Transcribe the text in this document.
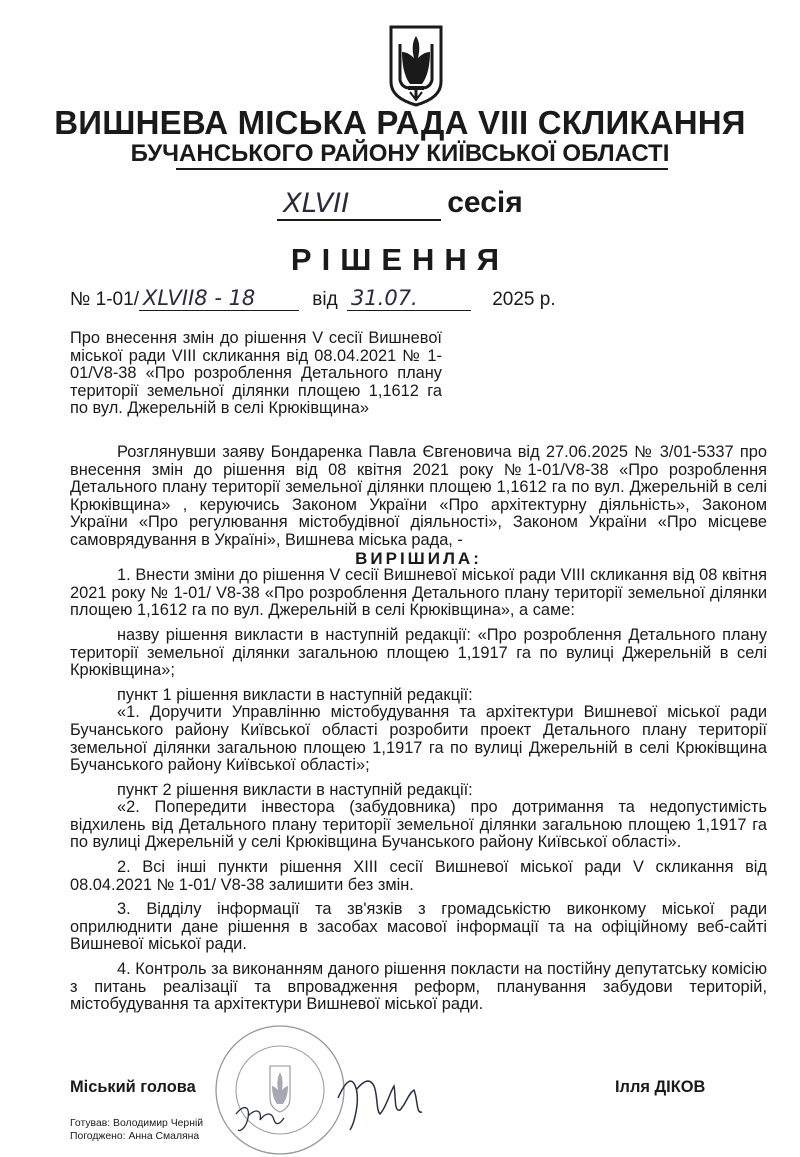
ВИШНЕВА МІСЬКА РАДА VIII СКЛИКАННЯ
БУЧАНСЬКОГО РАЙОНУ КИЇВСЬКОЇ ОБЛАСТІ
XLVII	сесія
РІШЕННЯ
№ 1-01/ XLVII8 - 18	від 31.07.	2025 р.

Про внесення змін до рішення V сесії Вишневої міської ради VIII скликання від 08.04.2021 № 1-01/V8-38 «Про розроблення Детального плану території земельної ділянки площею 1,1612 га по вул. Джерельній в селі Крюківщина»

Розглянувши заяву Бондаренка Павла Євгеновича від 27.06.2025 № 3/01-5337 про внесення змін до рішення від 08 квітня 2021 року №1-01/V8-38 «Про розроблення Детального плану території земельної ділянки площею 1,1612 га по вул. Джерельній в селі Крюківщина» , керуючись Законом України «Про архітектурну діяльність», Законом України «Про регулювання містобудівної діяльності», Законом України «Про місцеве самоврядування в Україні», Вишнева міська рада, -

ВИРІШИЛА:

1. Внести зміни до рішення V сесії Вишневої міської ради VIII скликання від 08 квітня 2021 року № 1-01/ V8-38 «Про розроблення Детального плану території земельної ділянки площею 1,1612 га по вул. Джерельній в селі Крюківщина», а саме:

назву рішення викласти в наступній редакції: «Про розроблення Детального плану території земельної ділянки загальною площею 1,1917 га по вулиці Джерельній в селі Крюківщина»;

пункт 1 рішення викласти в наступній редакції:

«1. Доручити Управлінню містобудування та архітектури Вишневої міської ради Бучанського району Київської області розробити проект Детального плану території земельної ділянки загальною площею 1,1917 га по вулиці Джерельній в селі Крюківщина Бучанського району Київської області»;

пункт 2 рішення викласти в наступній редакції:

«2. Попередити інвестора (забудовника) про дотримання та недопустимість відхилень від Детального плану території земельної ділянки загальною площею 1,1917 га по вулиці Джерельній у селі Крюківщина Бучанського району Київської області».

2. Всі інші пункти рішення XIII сесії Вишневої міської ради V скликання від 08.04.2021 № 1-01/ V8-38 залишити без змін.

3. Відділу інформації та зв'язків з громадськістю виконкому міської ради оприлюднити дане рішення в засобах масової інформації та на офіційному веб-сайті Вишневої міської ради.

4. Контроль за виконанням даного рішення покласти на постійну депутатську комісію з питань реалізації та впровадження реформ, планування забудови територій, містобудування та архітектури Вишневої міської ради.

Міський голова	Ілля ДІКОВ
Готував: Володимир Черній
Погоджено: Анна Смаляна
